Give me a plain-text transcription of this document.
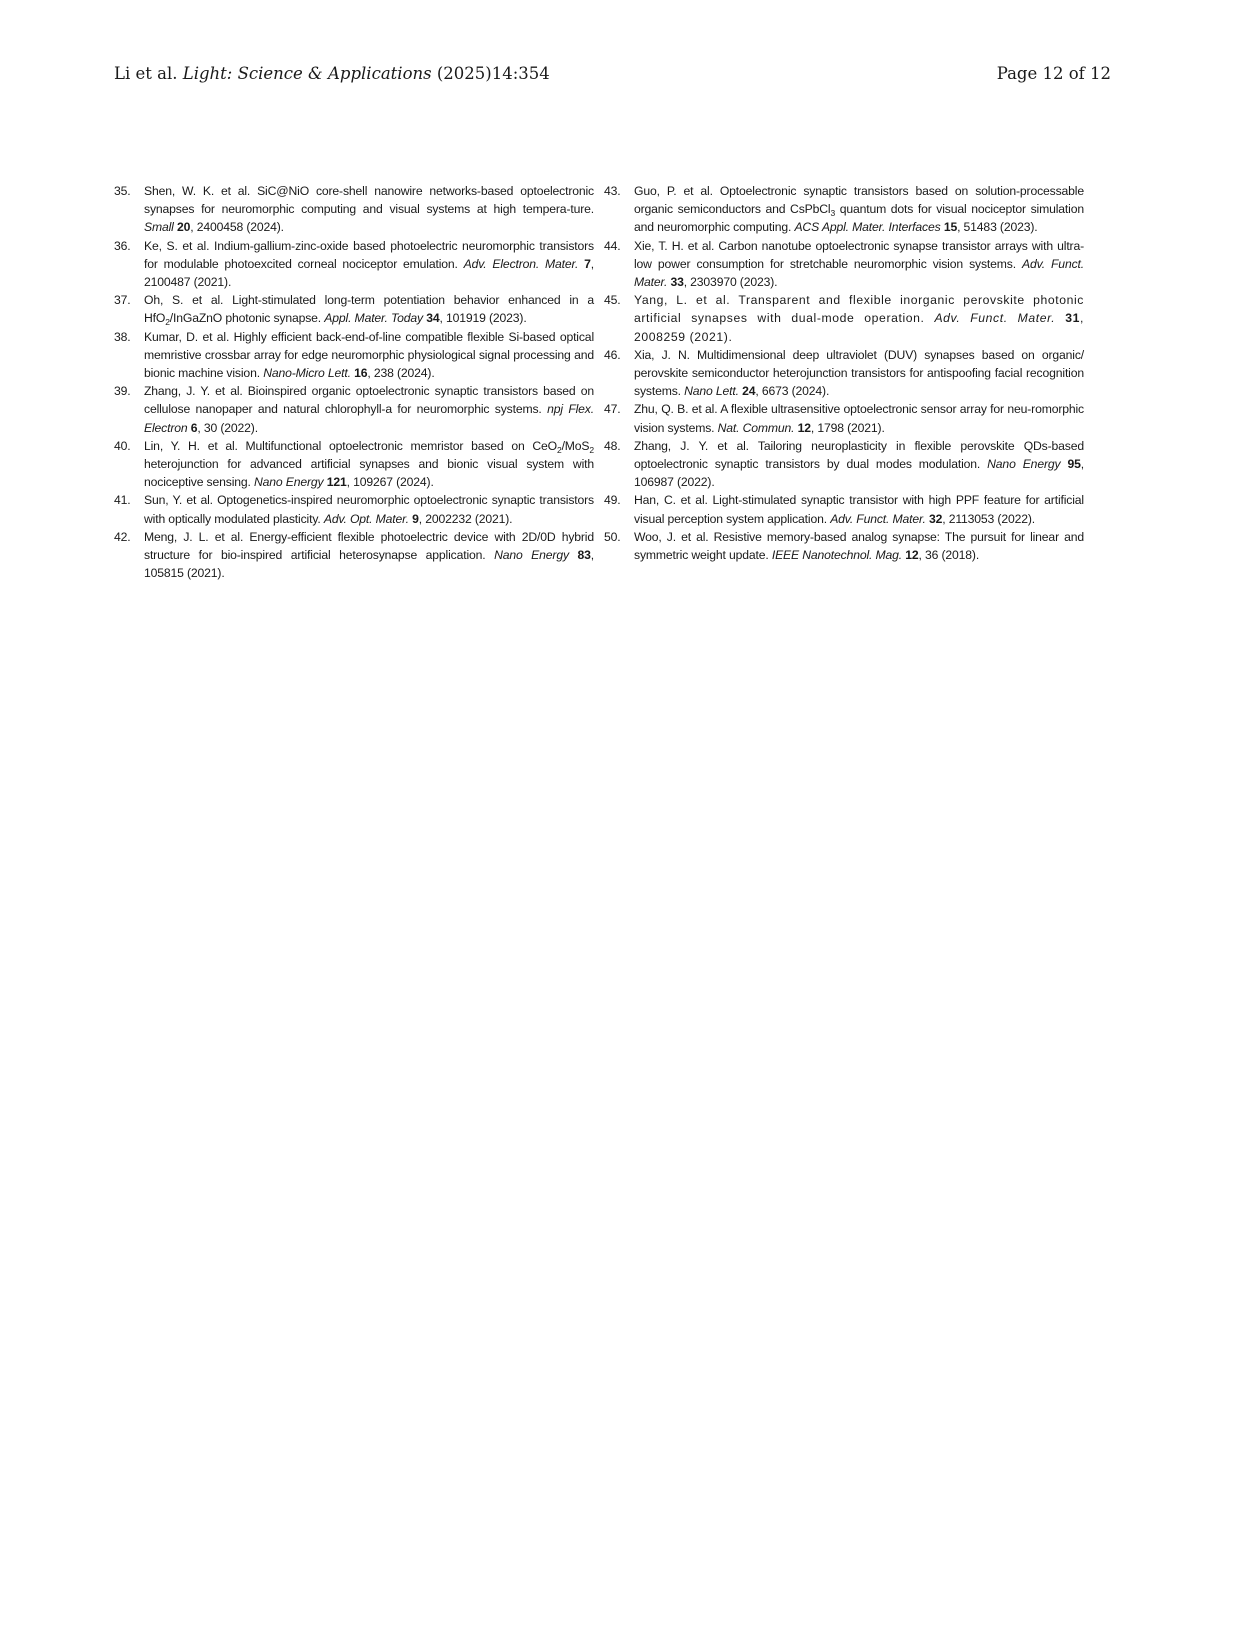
Li et al. Light: Science & Applications (2025)14:354	Page 12 of 12

35.	Shen, W. K. et al. SiC@NiO core-shell nanowire networks-based optoelectronic synapses for neuromorphic computing and visual systems at high tempera-ture. Small 20, 2400458 (2024).

36.	Ke, S. et al. Indium-gallium-zinc-oxide based photoelectric neuromorphic transistors for modulable photoexcited corneal nociceptor emulation. Adv. Electron. Mater. 7, 2100487 (2021).

37.	Oh, S. et al. Light-stimulated long-term potentiation behavior enhanced in a HfO$_2$/InGaZnO photonic synapse. Appl. Mater. Today 34, 101919 (2023).

38.	Kumar, D. et al. Highly efficient back-end-of-line compatible flexible Si-based optical memristive crossbar array for edge neuromorphic physiological signal processing and bionic machine vision. Nano-Micro Lett. 16, 238 (2024).

39.	Zhang, J. Y. et al. Bioinspired organic optoelectronic synaptic transistors based on cellulose nanopaper and natural chlorophyll-a for neuromorphic systems. npj Flex. Electron 6, 30 (2022).

40.	Lin, Y. H. et al. Multifunctional optoelectronic memristor based on CeO$_2$/MoS$_2$ heterojunction for advanced artificial synapses and bionic visual system with nociceptive sensing. Nano Energy 121, 109267 (2024).

41.	Sun, Y. et al. Optogenetics-inspired neuromorphic optoelectronic synaptic transistors with optically modulated plasticity. Adv. Opt. Mater. 9, 2002232 (2021).

42.	Meng, J. L. et al. Energy-efficient flexible photoelectric device with 2D/0D hybrid structure for bio-inspired artificial heterosynapse application. Nano Energy 83, 105815 (2021).

43.	Guo, P. et al. Optoelectronic synaptic transistors based on solution-processable organic semiconductors and CsPbCl$_3$ quantum dots for visual nociceptor simulation and neuromorphic computing. ACS Appl. Mater. Interfaces 15, 51483 (2023).

44.	Xie, T. H. et al. Carbon nanotube optoelectronic synapse transistor arrays with ultra-low power consumption for stretchable neuromorphic vision systems. Adv. Funct. Mater. 33, 2303970 (2023).

45.	Yang, L. et al. Transparent and flexible inorganic perovskite photonic artificial synapses with dual-mode operation. Adv. Funct. Mater. 31, 2008259 (2021).

46.	Xia, J. N. Multidimensional deep ultraviolet (DUV) synapses based on organic/ perovskite semiconductor heterojunction transistors for antispoofing facial recognition systems. Nano Lett. 24, 6673 (2024).

47.	Zhu, Q. B. et al. A flexible ultrasensitive optoelectronic sensor array for neu-romorphic vision systems. Nat. Commun. 12, 1798 (2021).

48.	Zhang, J. Y. et al. Tailoring neuroplasticity in flexible perovskite QDs-based optoelectronic synaptic transistors by dual modes modulation. Nano Energy 95, 106987 (2022).

49.	Han, C. et al. Light-stimulated synaptic transistor with high PPF feature for artificial visual perception system application. Adv. Funct. Mater. 32, 2113053 (2022).

50.	Woo, J. et al. Resistive memory-based analog synapse: The pursuit for linear and symmetric weight update. IEEE Nanotechnol. Mag. 12, 36 (2018).
